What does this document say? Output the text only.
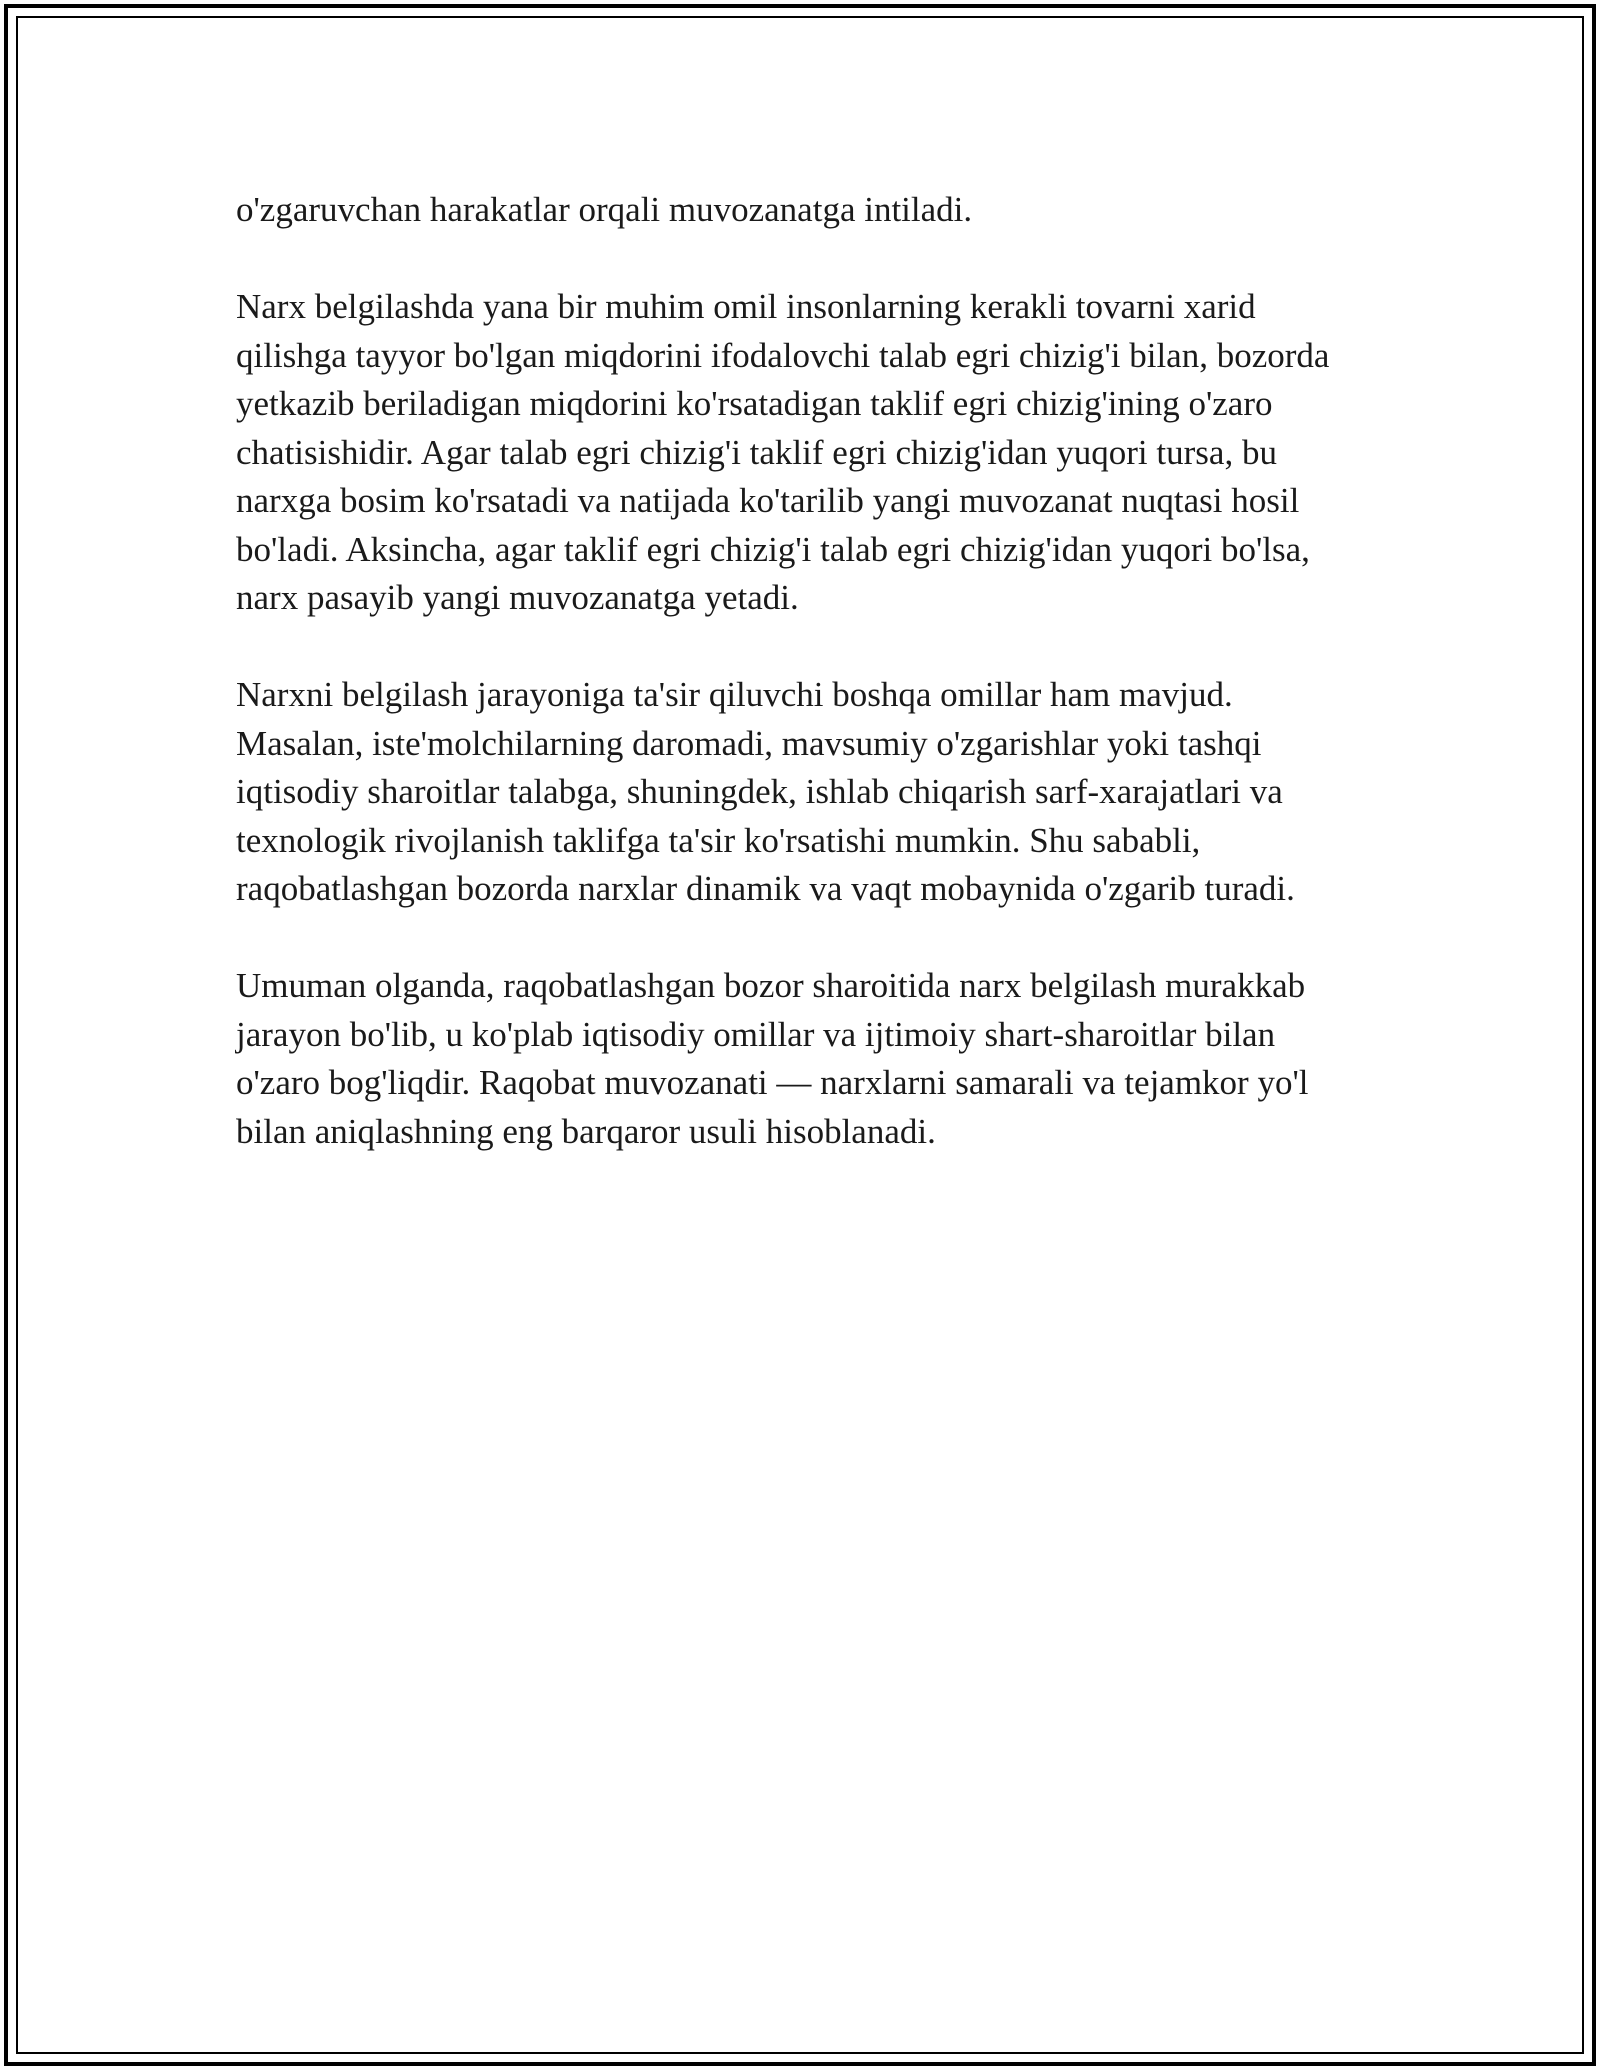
o'zgaruvchan harakatlar orqali muvozanatga intiladi.

Narx belgilashda yana bir muhim omil insonlarning kerakli tovarni xarid qilishga tayyor bo'lgan miqdorini ifodalovchi talab egri chizig'i bilan, bozorda yetkazib beriladigan miqdorini ko'rsatadigan taklif egri chizig'ining o'zaro chatisishidir. Agar talab egri chizig'i taklif egri chizig'idan yuqori tursa, bu narxga bosim ko'rsatadi va natijada ko'tarilib yangi muvozanat nuqtasi hosil bo'ladi. Aksincha, agar taklif egri chizig'i talab egri chizig'idan yuqori bo'lsa, narx pasayib yangi muvozanatga yetadi.

Narxni belgilash jarayoniga ta'sir qiluvchi boshqa omillar ham mavjud. Masalan, iste'molchilarning daromadi, mavsumiy o'zgarishlar yoki tashqi iqtisodiy sharoitlar talabga, shuningdek, ishlab chiqarish sarf-xarajatlari va texnologik rivojlanish taklifga ta'sir ko'rsatishi mumkin. Shu sababli, raqobatlashgan bozorda narxlar dinamik va vaqt mobaynida o'zgarib turadi.

Umuman olganda, raqobatlashgan bozor sharoitida narx belgilash murakkab jarayon bo'lib, u ko'plab iqtisodiy omillar va ijtimoiy shart-sharoitlar bilan o'zaro bog'liqdir. Raqobat muvozanati — narxlarni samarali va tejamkor yo'l bilan aniqlashning eng barqaror usuli hisoblanadi.
